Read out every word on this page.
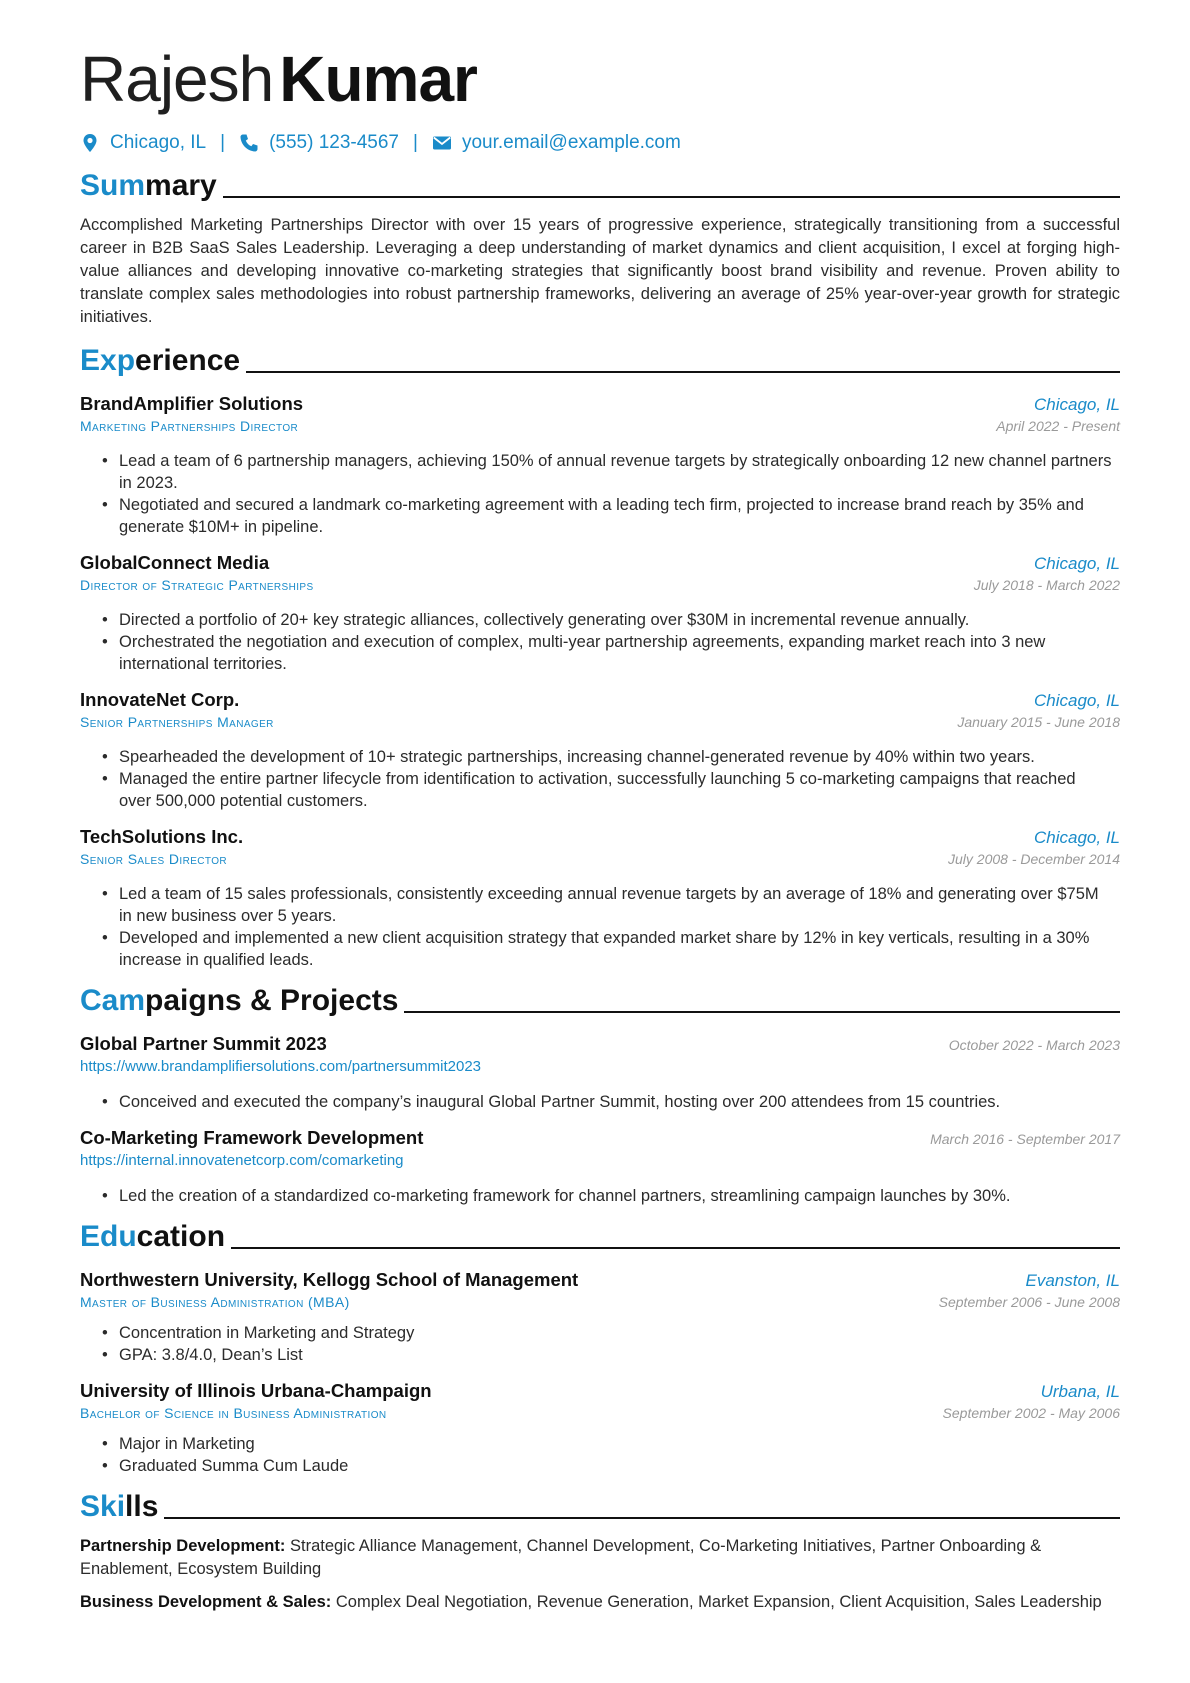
RajeshKumar
Chicago, IL | (555) 123-4567 | your.email@example.com
Sum mary
Accomplished Marketing Partnerships Director with over 15 years of progressive experience, strategically transitioning from a successful career in B2B SaaS Sales Leadership. Leveraging a deep understanding of market dynamics and client acquisition, I excel at forging high-value alliances and developing innovative co-marketing strategies that significantly boost brand visibility and revenue. Proven ability to translate complex sales methodologies into robust partnership frameworks, delivering an average of 25% year-over-year growth for strategic initiatives.
Exp erience
BrandAmplifier Solutions	Chicago, IL
Marketing Partnerships Director	April 2022 - Present
• Lead a team of 6 partnership managers, achieving 150% of annual revenue targets by strategically onboarding 12 new channel partners in 2023.
• Negotiated and secured a landmark co-marketing agreement with a leading tech firm, projected to increase brand reach by 35% and generate $10M+ in pipeline.
GlobalConnect Media	Chicago, IL
Director of Strategic Partnerships	July 2018 - March 2022
• Directed a portfolio of 20+ key strategic alliances, collectively generating over $30M in incremental revenue annually.
• Orchestrated the negotiation and execution of complex, multi-year partnership agreements, expanding market reach into 3 new international territories.
InnovateNet Corp.	Chicago, IL
Senior Partnerships Manager	January 2015 - June 2018
• Spearheaded the development of 10+ strategic partnerships, increasing channel-generated revenue by 40% within two years.
• Managed the entire partner lifecycle from identification to activation, successfully launching 5 co-marketing campaigns that reached over 500,000 potential customers.
TechSolutions Inc.	Chicago, IL
Senior Sales Director	July 2008 - December 2014
• Led a team of 15 sales professionals, consistently exceeding annual revenue targets by an average of 18% and generating over $75M in new business over 5 years.
• Developed and implemented a new client acquisition strategy that expanded market share by 12% in key verticals, resulting in a 30% increase in qualified leads.
Cam paigns & Projects
Global Partner Summit 2023	October 2022 - March 2023
https://www.brandamplifiersolutions.com/partnersummit2023
• Conceived and executed the company’s inaugural Global Partner Summit, hosting over 200 attendees from 15 countries.
Co-Marketing Framework Development	March 2016 - September 2017
https://internal.innovatenetcorp.com/comarketing
• Led the creation of a standardized co-marketing framework for channel partners, streamlining campaign launches by 30%.
Edu cation
Northwestern University, Kellogg School of Management	Evanston, IL
Master of Business Administration (MBA)	September 2006 - June 2008
• Concentration in Marketing and Strategy
• GPA: 3.8/4.0, Dean’s List
University of Illinois Urbana-Champaign	Urbana, IL
Bachelor of Science in Business Administration	September 2002 - May 2006
• Major in Marketing
• Graduated Summa Cum Laude
Ski lls
Partnership Development: Strategic Alliance Management, Channel Development, Co-Marketing Initiatives, Partner Onboarding & Enablement, Ecosystem Building
Business Development & Sales: Complex Deal Negotiation, Revenue Generation, Market Expansion, Client Acquisition, Sales Leadership
